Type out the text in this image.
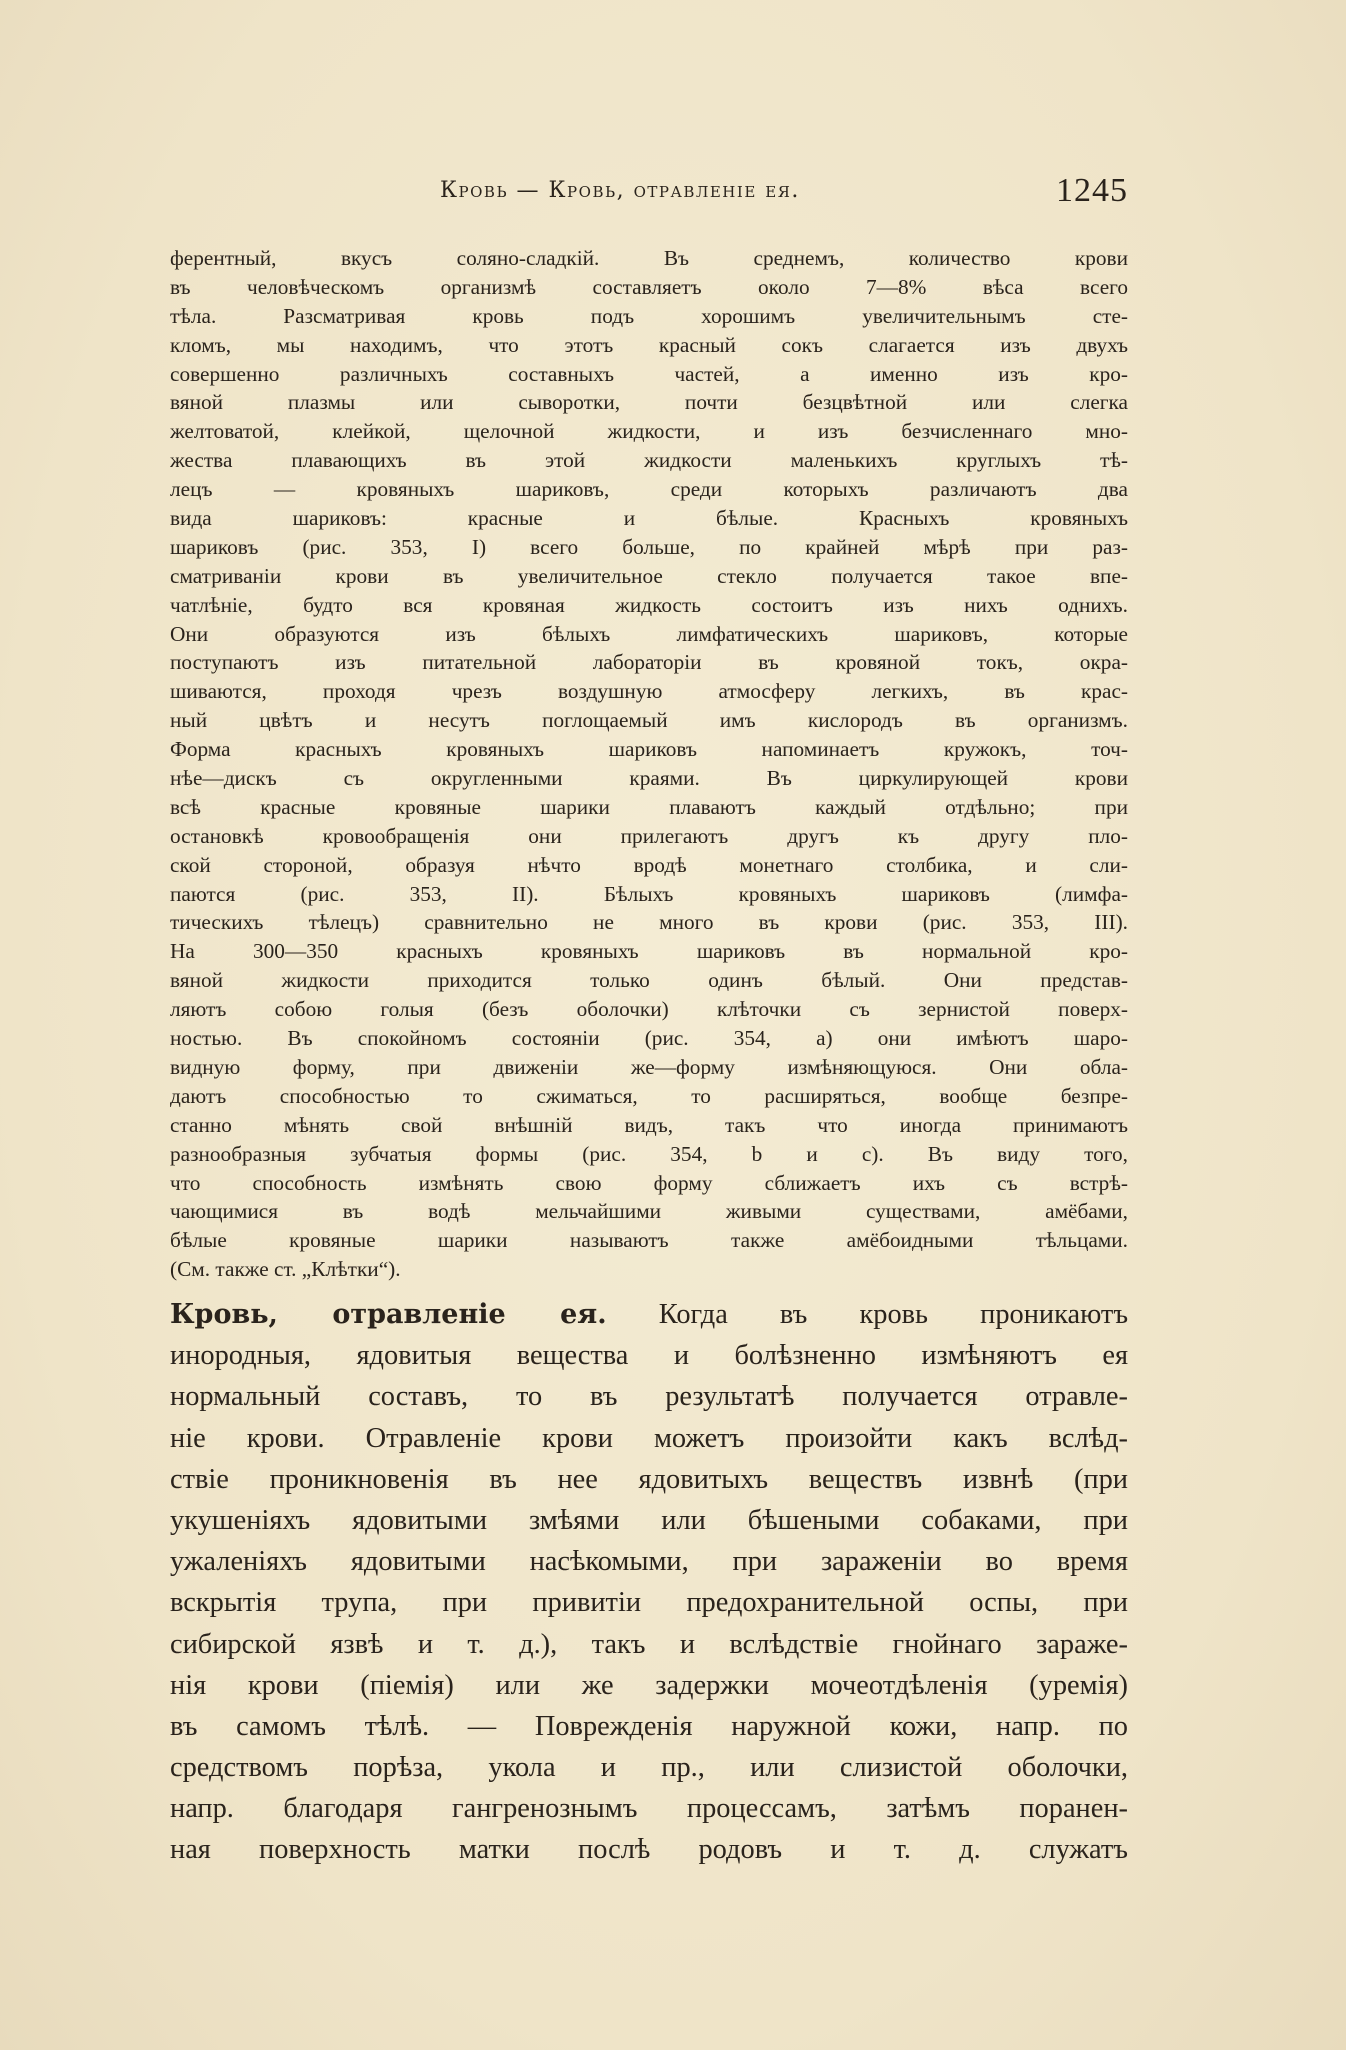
Кровь — Кровь, отравленіе ея.	1245
ферентный, вкусъ соляно-сладкій. Въ среднемъ, количество крови
въ человѣческомъ организмѣ составляетъ около 7—8% вѣса всего
тѣла. Разсматривая кровь подъ хорошимъ увеличительнымъ сте-
кломъ, мы находимъ, что этотъ красный сокъ слагается изъ двухъ
совершенно различныхъ составныхъ частей, а именно изъ кро-
вяной плазмы или сыворотки, почти безцвѣтной или слегка
желтоватой, клейкой, щелочной жидкости, и изъ безчисленнаго мно-
жества плавающихъ въ этой жидкости маленькихъ круглыхъ тѣ-
лецъ — кровяныхъ шариковъ, среди которыхъ различаютъ два
вида шариковъ: красные и бѣлые. Красныхъ кровяныхъ
шариковъ (рис. 353, I) всего больше, по крайней мѣрѣ при раз-
сматриваніи крови въ увеличительное стекло получается такое впе-
чатлѣніе, будто вся кровяная жидкость состоитъ изъ нихъ однихъ.
Они образуются изъ бѣлыхъ лимфатическихъ шариковъ, которые
поступаютъ изъ питательной лабораторіи въ кровяной токъ, окра-
шиваются, проходя чрезъ воздушную атмосферу легкихъ, въ крас-
ный цвѣтъ и несутъ поглощаемый имъ кислородъ въ организмъ.
Форма красныхъ кровяныхъ шариковъ напоминаетъ кружокъ, точ-
нѣе—дискъ съ округленными краями. Въ циркулирующей крови
всѣ красные кровяные шарики плаваютъ каждый отдѣльно; при
остановкѣ кровообращенія они прилегаютъ другъ къ другу пло-
ской стороной, образуя нѣчто вродѣ монетнаго столбика, и сли-
паются (рис. 353, II). Бѣлыхъ кровяныхъ шариковъ (лимфа-
тическихъ тѣлецъ) сравнительно не много въ крови (рис. 353, III).
На 300—350 красныхъ кровяныхъ шариковъ въ нормальной кро-
вяной жидкости приходится только одинъ бѣлый. Они представ-
ляютъ собою голыя (безъ оболочки) клѣточки съ зернистой поверх-
ностью. Въ спокойномъ состояніи (рис. 354, a) они имѣютъ шаро-
видную форму, при движеніи же—форму измѣняющуюся. Они обла-
даютъ способностью то сжиматься, то расширяться, вообще безпре-
станно мѣнять свой внѣшній видъ, такъ что иногда принимаютъ
разнообразныя зубчатыя формы (рис. 354, b и c). Въ виду того,
что способность измѣнять свою форму сближаетъ ихъ съ встрѣ-
чающимися въ водѣ мельчайшими живыми существами, амёбами,
бѣлые кровяные шарики называютъ также амёбоидными тѣльцами.
(См. также ст. „Клѣтки“).
Кровь, отравленіе ея. Когда въ кровь проникаютъ
инородныя, ядовитыя вещества и болѣзненно измѣняютъ ея
нормальный составъ, то въ результатѣ получается отравле-
ніе крови. Отравленіе крови можетъ произойти какъ вслѣд-
ствіе проникновенія въ нее ядовитыхъ веществъ извнѣ (при
укушеніяхъ ядовитыми змѣями или бѣшеными собаками, при
ужаленіяхъ ядовитыми насѣкомыми, при зараженіи во время
вскрытія трупа, при привитіи предохранительной оспы, при
сибирской язвѣ и т. д.), такъ и вслѣдствіе гнойнаго зараже-
нія крови (піемія) или же задержки мочеотдѣленія (уремія)
въ самомъ тѣлѣ. — Поврежденія наружной кожи, напр. по
средствомъ порѣза, укола и пр., или слизистой оболочки,
напр. благодаря гангренознымъ процессамъ, затѣмъ поранен-
ная поверхность матки послѣ родовъ и т. д. служатъ
